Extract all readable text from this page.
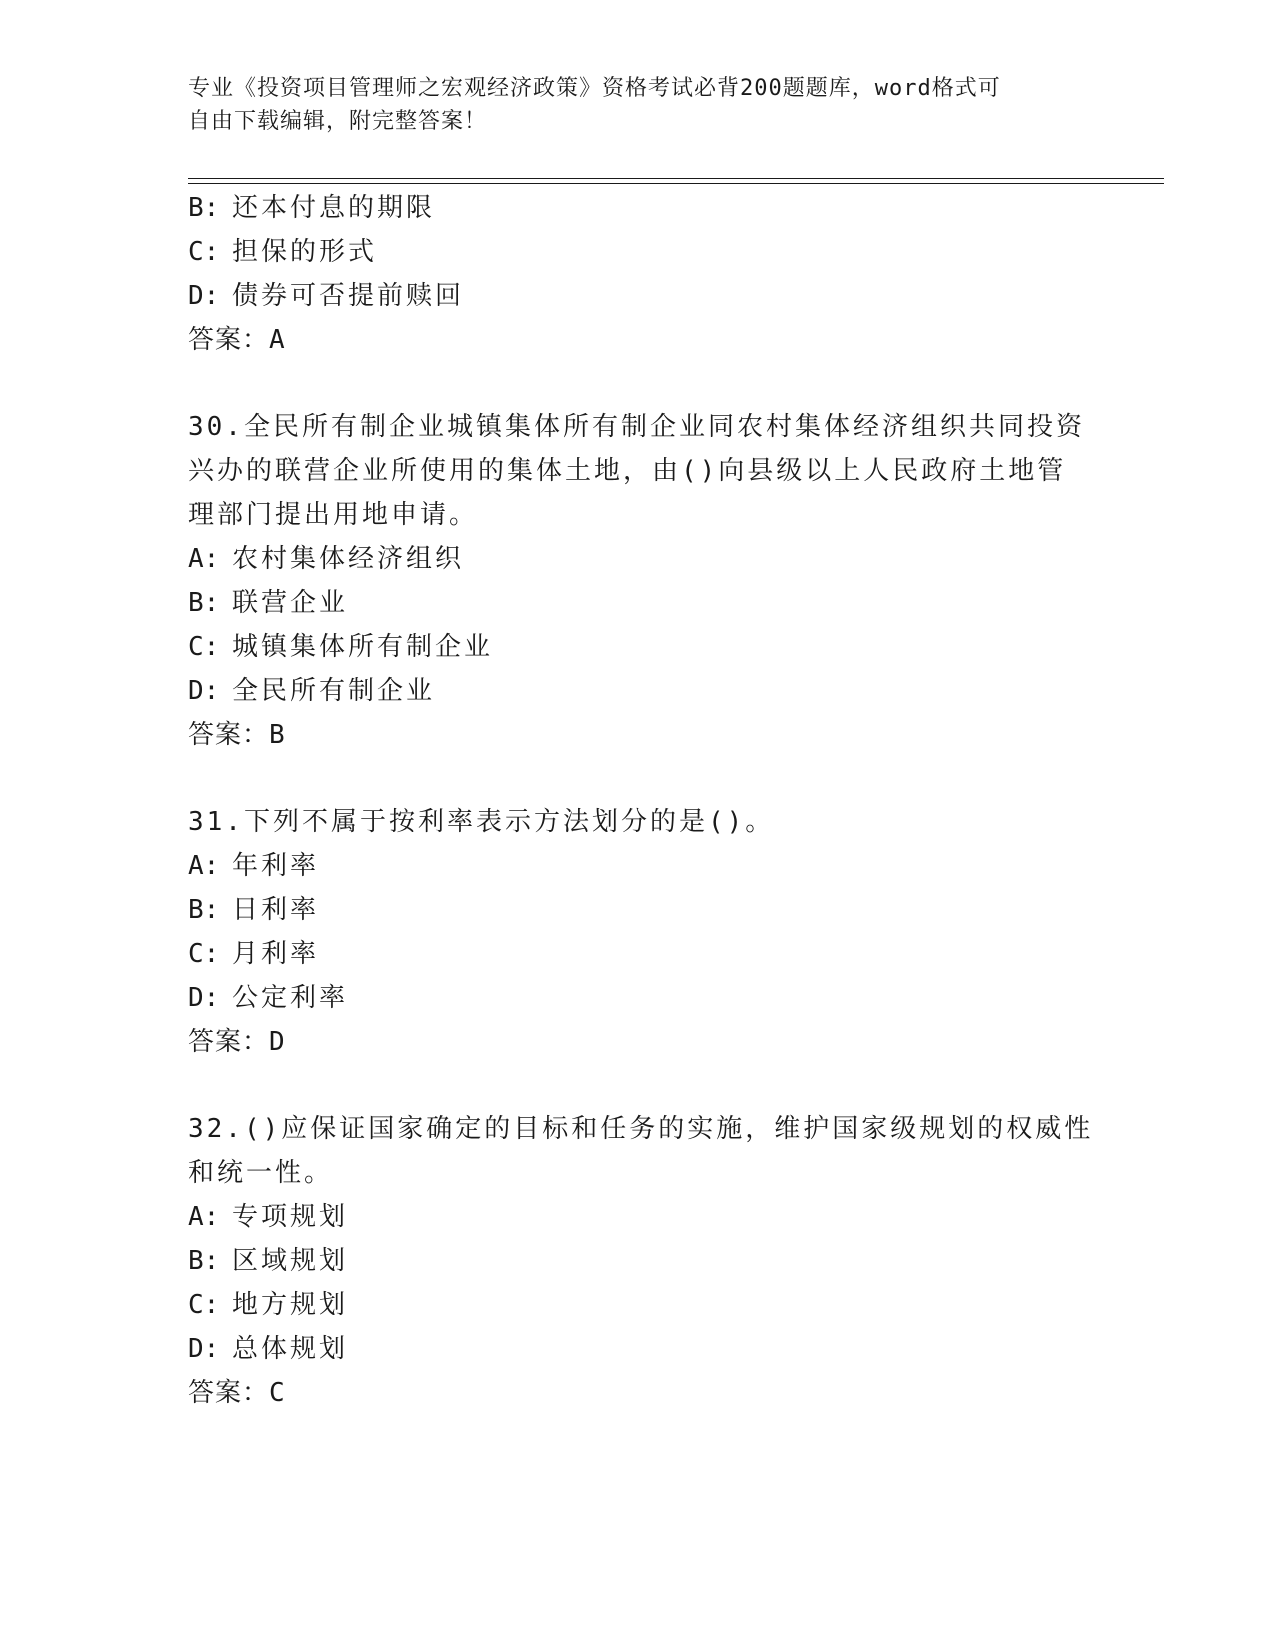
专业《投资项目管理师之宏观经济政策》资格考试必背200题题库，word格式可
自由下载编辑，附完整答案！
B: 还本付息的期限
C: 担保的形式
D: 债券可否提前赎回
答案：A
30.全民所有制企业城镇集体所有制企业同农村集体经济组织共同投资
兴办的联营企业所使用的集体土地，由()向县级以上人民政府土地管
理部门提出用地申请。
A: 农村集体经济组织
B: 联营企业
C: 城镇集体所有制企业
D: 全民所有制企业
答案：B
31.下列不属于按利率表示方法划分的是()。
A: 年利率
B: 日利率
C: 月利率
D: 公定利率
答案：D
32.()应保证国家确定的目标和任务的实施，维护国家级规划的权威性
和统一性。
A: 专项规划
B: 区域规划
C: 地方规划
D: 总体规划
答案：C
